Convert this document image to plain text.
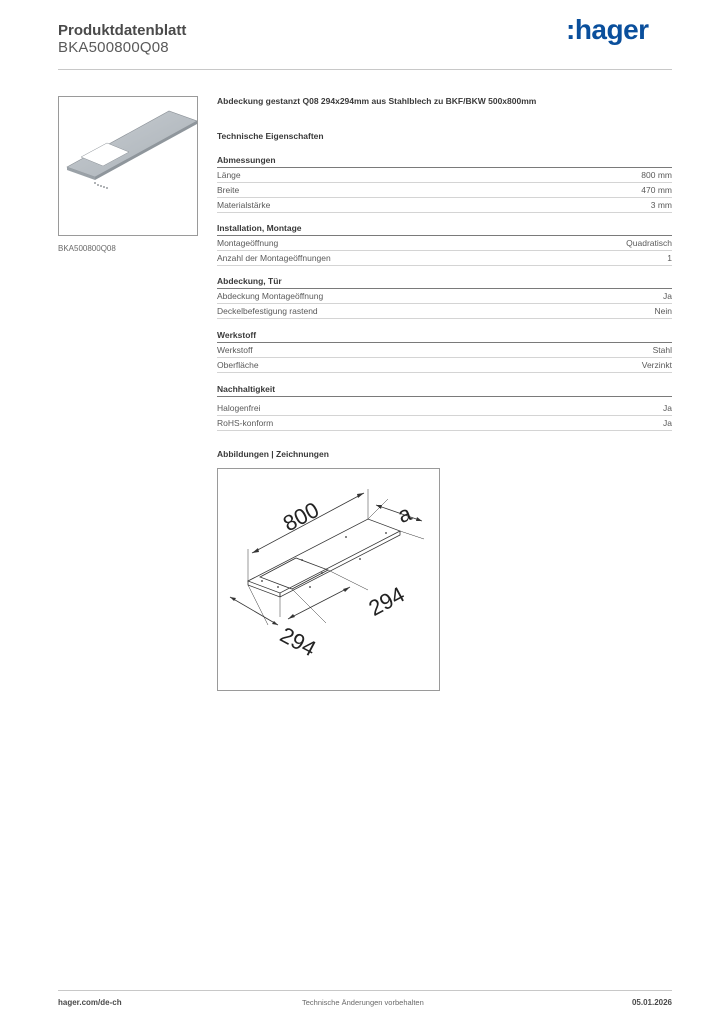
Produktdatenblatt
BKA500800Q08
:hager
BKA500800Q08
Abdeckung gestanzt Q08 294x294mm aus Stahlblech zu BKF/BKW 500x800mm
Technische Eigenschaften
Abmessungen
Länge	800 mm
Breite	470 mm
Materialstärke	3 mm
Installation, Montage
Montageöffnung	Quadratisch
Anzahl der Montageöffnungen	1
Abdeckung, Tür
Abdeckung Montageöffnung	Ja
Deckelbefestigung rastend	Nein
Werkstoff
Werkstoff	Stahl
Oberfläche	Verzinkt
Nachhaltigkeit
Halogenfrei	Ja
RoHS-konform	Ja
Abbildungen | Zeichnungen
800	a
294
294
hager.com/de-ch	Technische Änderungen vorbehalten	05.01.2026
